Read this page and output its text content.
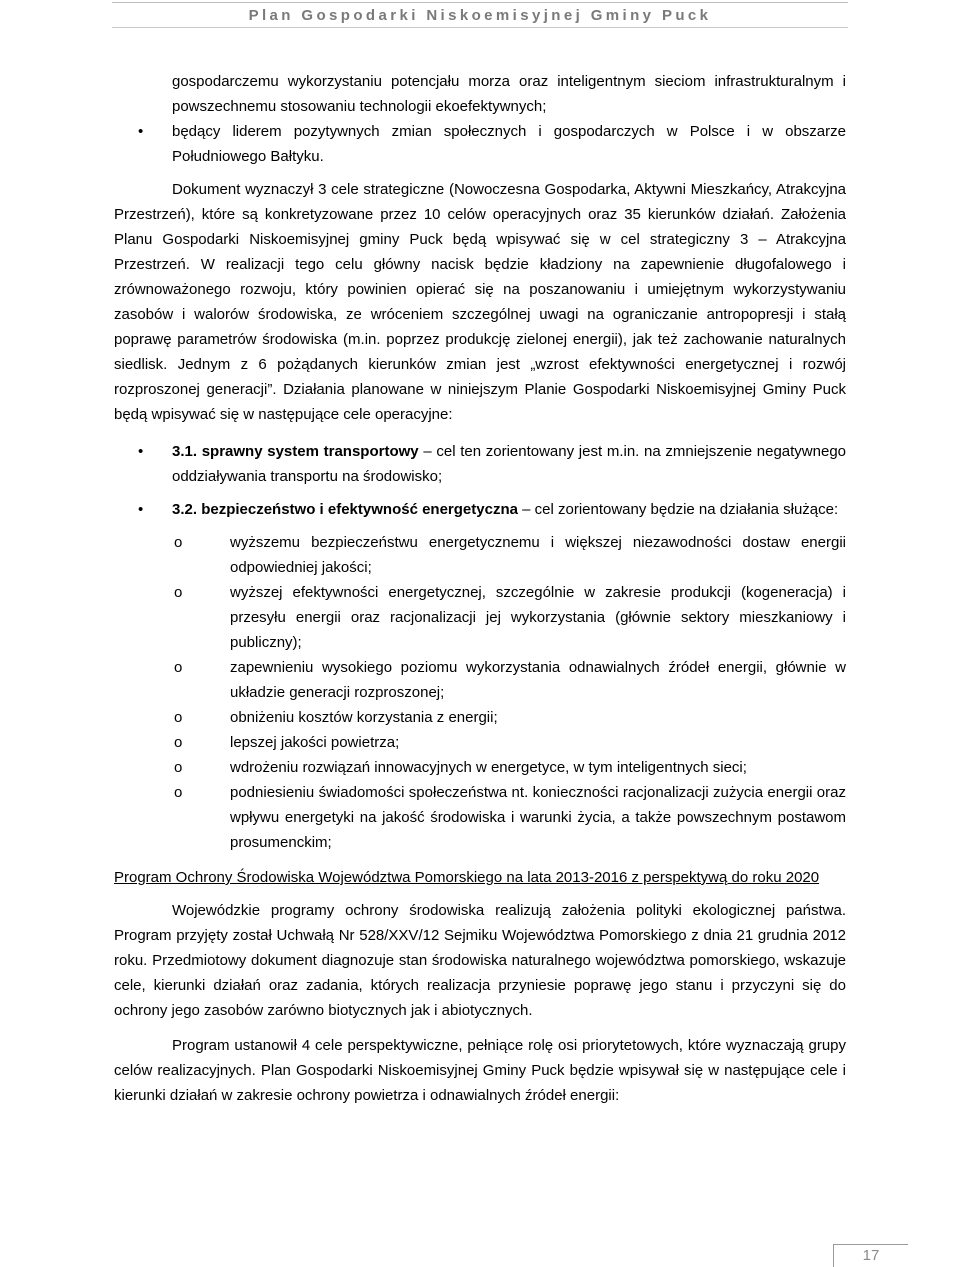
Plan Gospodarki Niskoemisyjnej Gminy Puck

gospodarczemu wykorzystaniu potencjału morza oraz inteligentnym sieciom infrastrukturalnym i powszechnemu stosowaniu technologii ekoefektywnych;

• będący liderem pozytywnych zmian społecznych i gospodarczych w Polsce i w obszarze Południowego Bałtyku.

Dokument wyznaczył 3 cele strategiczne (Nowoczesna Gospodarka, Aktywni Mieszkańcy, Atrakcyjna Przestrzeń), które są konkretyzowane przez 10 celów operacyjnych oraz 35 kierunków działań. Założenia Planu Gospodarki Niskoemisyjnej gminy Puck będą wpisywać się w cel strategiczny 3 – Atrakcyjna Przestrzeń. W realizacji tego celu główny nacisk będzie kładziony na zapewnienie długofalowego i zrównoważonego rozwoju, który powinien opierać się na poszanowaniu i umiejętnym wykorzystywaniu zasobów i walorów środowiska, ze wróceniem szczególnej uwagi na ograniczanie antropopresji i stałą poprawę parametrów środowiska (m.in. poprzez produkcję zielonej energii), jak też zachowanie naturalnych siedlisk. Jednym z 6 pożądanych kierunków zmian jest „wzrost efektywności energetycznej i rozwój rozproszonej generacji”. Działania planowane w niniejszym Planie Gospodarki Niskoemisyjnej Gminy Puck będą wpisywać się w następujące cele operacyjne:

• 3.1. sprawny system transportowy – cel ten zorientowany jest m.in. na zmniejszenie negatywnego oddziaływania transportu na środowisko;
• 3.2. bezpieczeństwo i efektywność energetyczna – cel zorientowany będzie na działania służące:
o	wyższemu bezpieczeństwu energetycznemu i większej niezawodności dostaw energii odpowiedniej jakości;
o	wyższej efektywności energetycznej, szczególnie w zakresie produkcji (kogeneracja) i przesyłu energii oraz racjonalizacji jej wykorzystania (głównie sektory mieszkaniowy i publiczny);
o	zapewnieniu wysokiego poziomu wykorzystania odnawialnych źródeł energii, głównie w układzie generacji rozproszonej;
o	obniżeniu kosztów korzystania z energii;
o	lepszej jakości powietrza;
o	wdrożeniu rozwiązań innowacyjnych w energetyce, w tym inteligentnych sieci;
o	podniesieniu świadomości społeczeństwa nt. konieczności racjonalizacji zużycia energii oraz wpływu energetyki na jakość środowiska i warunki życia, a także powszechnym postawom prosumenckim;

Program Ochrony Środowiska Województwa Pomorskiego na lata 2013-2016 z perspektywą do roku 2020

Wojewódzkie programy ochrony środowiska realizują założenia polityki ekologicznej państwa. Program przyjęty został Uchwałą Nr 528/XXV/12 Sejmiku Województwa Pomorskiego z dnia 21 grudnia 2012 roku. Przedmiotowy dokument diagnozuje stan środowiska naturalnego województwa pomorskiego, wskazuje cele, kierunki działań oraz zadania, których realizacja przyniesie poprawę jego stanu i przyczyni się do ochrony jego zasobów zarówno biotycznych jak i abiotycznych.

Program ustanowił 4 cele perspektywiczne, pełniące rolę osi priorytetowych, które wyznaczają grupy celów realizacyjnych. Plan Gospodarki Niskoemisyjnej Gminy Puck będzie wpisywał się w następujące cele i kierunki działań w zakresie ochrony powietrza i odnawialnych źródeł energii:

17
